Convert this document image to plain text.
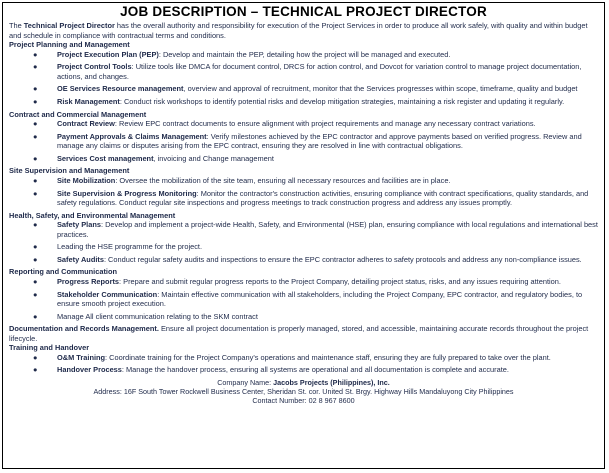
JOB DESCRIPTION – TECHNICAL PROJECT DIRECTOR

The Technical Project Director has the overall authority and responsibility for execution of the Project Services in order to produce all work safely, with quality and within budget and schedule in compliance with contractual terms and conditions.

Project Planning and Management

●	Project Execution Plan (PEP): Develop and maintain the PEP, detailing how the project will be managed and executed.
●	Project Control Tools: Utilize tools like DMCA for document control, DRCS for action control, and Dovcot for variation control to manage project documentation, actions, and changes.
●	OE Services Resource management, overview and approval of recruitment, monitor that the Services progresses within scope, timeframe, quality and budget
●	Risk Management: Conduct risk workshops to identify potential risks and develop mitigation strategies, maintaining a risk register and updating it regularly.

Contract and Commercial Management

●	Contract Review: Review EPC contract documents to ensure alignment with project requirements and manage any necessary contract variations.
●	Payment Approvals & Claims Management: Verify milestones achieved by the EPC contractor and approve payments based on verified progress. Review and manage any claims or disputes arising from the EPC contract, ensuring they are resolved in line with contractual obligations.
●	Services Cost management, invoicing and Change management

Site Supervision and Management

●	Site Mobilization: Oversee the mobilization of the site team, ensuring all necessary resources and facilities are in place.
●	Site Supervision & Progress Monitoring: Monitor the contractor's construction activities, ensuring compliance with contract specifications, quality standards, and safety regulations. Conduct regular site inspections and progress meetings to track construction progress and address any issues promptly.

Health, Safety, and Environmental Management

●	Safety Plans: Develop and implement a project-wide Health, Safety, and Environmental (HSE) plan, ensuring compliance with local regulations and international best practices.
●	Leading the HSE programme for the project.
●	Safety Audits: Conduct regular safety audits and inspections to ensure the EPC contractor adheres to safety protocols and address any non-compliance issues.

Reporting and Communication

●	Progress Reports: Prepare and submit regular progress reports to the Project Company, detailing project status, risks, and any issues requiring attention.
●	Stakeholder Communication: Maintain effective communication with all stakeholders, including the Project Company, EPC contractor, and regulatory bodies, to ensure smooth project execution.
●	Manage All client communication relating to the SKM contract

Documentation and Records Management. Ensure all project documentation is properly managed, stored, and accessible, maintaining accurate records throughout the project lifecycle.

Training and Handover

●	O&M Training: Coordinate training for the Project Company's operations and maintenance staff, ensuring they are fully prepared to take over the plant.
●	Handover Process: Manage the handover process, ensuring all systems are operational and all documentation is complete and accurate.
Company Name: Jacobs Projects (Philippines), Inc.
Address: 16F South Tower Rockwell Business Center, Sheridan St. cor. United St. Brgy. Highway Hills Mandaluyong City Philippines
Contact Number: 02 8 967 8600
